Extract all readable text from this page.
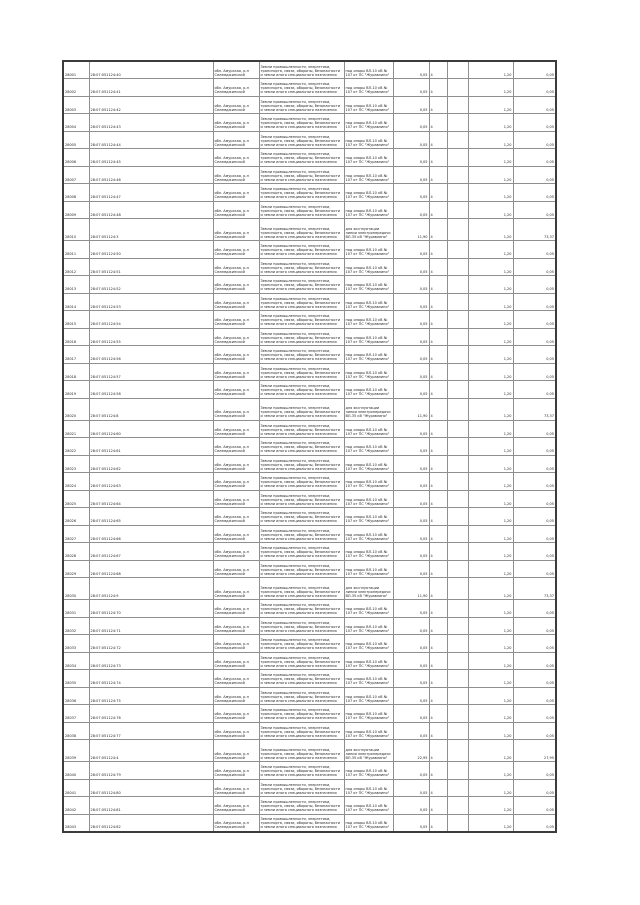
28001	28:07:051124:40	обл. Амурская, р-н Селемджинский	Земли промышленности, энергетики, транспорта, связи, обороны, безопасности и земли иного специального назначения	под опоры ВЛ-10 кВ № 107 от ПС "Журавлино"	0,05	4		1,20	0,05
28002	28:07:051124:41	обл. Амурская, р-н Селемджинский	Земли промышленности, энергетики, транспорта, связи, обороны, безопасности и земли иного специального назначения	под опоры ВЛ-10 кВ № 107 от ПС "Журавлино"	0,05	4		1,20	0,05
28003	28:07:051124:42	обл. Амурская, р-н Селемджинский	Земли промышленности, энергетики, транспорта, связи, обороны, безопасности и земли иного специального назначения	под опоры ВЛ-10 кВ № 107 от ПС "Журавлино"	0,05	4		1,20	0,05
28004	28:07:051124:43	обл. Амурская, р-н Селемджинский	Земли промышленности, энергетики, транспорта, связи, обороны, безопасности и земли иного специального назначения	под опоры ВЛ-10 кВ № 107 от ПС "Журавлино"	0,05	4		1,20	0,05
28005	28:07:051124:44	обл. Амурская, р-н Селемджинский	Земли промышленности, энергетики, транспорта, связи, обороны, безопасности и земли иного специального назначения	под опоры ВЛ-10 кВ № 107 от ПС "Журавлино"	0,05	4		1,20	0,05
28006	28:07:051124:45	обл. Амурская, р-н Селемджинский	Земли промышленности, энергетики, транспорта, связи, обороны, безопасности и земли иного специального назначения	под опоры ВЛ-10 кВ № 107 от ПС "Журавлино"	0,05	4		1,20	0,05
28007	28:07:051124:46	обл. Амурская, р-н Селемджинский	Земли промышленности, энергетики, транспорта, связи, обороны, безопасности и земли иного специального назначения	под опоры ВЛ-10 кВ № 107 от ПС "Журавлино"	0,05	4		1,20	0,05
28008	28:07:051124:47	обл. Амурская, р-н Селемджинский	Земли промышленности, энергетики, транспорта, связи, обороны, безопасности и земли иного специального назначения	под опоры ВЛ-10 кВ № 107 от ПС "Журавлино"	0,05	4		1,20	0,05
28009	28:07:051124:48	обл. Амурская, р-н Селемджинский	Земли промышленности, энергетики, транспорта, связи, обороны, безопасности и земли иного специального назначения	под опоры ВЛ-10 кВ № 107 от ПС "Журавлино"	0,05	4		1,20	0,05
28010	28:07:051124:3	обл. Амурская, р-н Селемджинский	Земли промышленности, энергетики, транспорта, связи, обороны, безопасности и земли иного специального назначения	для эксплуатации линии электропередачи ВЛ-35 кВ "Журавлино"	11,90	4		1,20	73,37
28011	28:07:051124:50	обл. Амурская, р-н Селемджинский	Земли промышленности, энергетики, транспорта, связи, обороны, безопасности и земли иного специального назначения	под опоры ВЛ-10 кВ № 107 от ПС "Журавлино"	0,05	4		1,20	0,05
28012	28:07:051124:51	обл. Амурская, р-н Селемджинский	Земли промышленности, энергетики, транспорта, связи, обороны, безопасности и земли иного специального назначения	под опоры ВЛ-10 кВ № 107 от ПС "Журавлино"	0,05	4		1,20	0,05
28013	28:07:051124:52	обл. Амурская, р-н Селемджинский	Земли промышленности, энергетики, транспорта, связи, обороны, безопасности и земли иного специального назначения	под опоры ВЛ-10 кВ № 107 от ПС "Журавлино"	0,05	4		1,20	0,05
28014	28:07:051124:53	обл. Амурская, р-н Селемджинский	Земли промышленности, энергетики, транспорта, связи, обороны, безопасности и земли иного специального назначения	под опоры ВЛ-10 кВ № 107 от ПС "Журавлино"	0,05	4		1,20	0,05
28015	28:07:051124:54	обл. Амурская, р-н Селемджинский	Земли промышленности, энергетики, транспорта, связи, обороны, безопасности и земли иного специального назначения	под опоры ВЛ-10 кВ № 107 от ПС "Журавлино"	0,05	4		1,20	0,05
28016	28:07:051124:55	обл. Амурская, р-н Селемджинский	Земли промышленности, энергетики, транспорта, связи, обороны, безопасности и земли иного специального назначения	под опоры ВЛ-10 кВ № 107 от ПС "Журавлино"	0,05	4		1,20	0,05
28017	28:07:051124:56	обл. Амурская, р-н Селемджинский	Земли промышленности, энергетики, транспорта, связи, обороны, безопасности и земли иного специального назначения	под опоры ВЛ-10 кВ № 107 от ПС "Журавлино"	0,05	4		1,20	0,05
28018	28:07:051124:57	обл. Амурская, р-н Селемджинский	Земли промышленности, энергетики, транспорта, связи, обороны, безопасности и земли иного специального назначения	под опоры ВЛ-10 кВ № 107 от ПС "Журавлино"	0,05	4		1,20	0,05
28019	28:07:051124:58	обл. Амурская, р-н Селемджинский	Земли промышленности, энергетики, транспорта, связи, обороны, безопасности и земли иного специального назначения	под опоры ВЛ-10 кВ № 107 от ПС "Журавлино"	0,05	4		1,20	0,05
28020	28:07:051124:8	обл. Амурская, р-н Селемджинский	Земли промышленности, энергетики, транспорта, связи, обороны, безопасности и земли иного специального назначения	для эксплуатации линии электропередачи ВЛ-35 кВ "Журавлино"	11,90	4		1,20	73,37
28021	28:07:051124:60	обл. Амурская, р-н Селемджинский	Земли промышленности, энергетики, транспорта, связи, обороны, безопасности и земли иного специального назначения	под опоры ВЛ-10 кВ № 107 от ПС "Журавлино"	0,05	4		1,20	0,05
28022	28:07:051124:61	обл. Амурская, р-н Селемджинский	Земли промышленности, энергетики, транспорта, связи, обороны, безопасности и земли иного специального назначения	под опоры ВЛ-10 кВ № 107 от ПС "Журавлино"	0,05	4		1,20	0,05
28023	28:07:051124:62	обл. Амурская, р-н Селемджинский	Земли промышленности, энергетики, транспорта, связи, обороны, безопасности и земли иного специального назначения	под опоры ВЛ-10 кВ № 107 от ПС "Журавлино"	0,05	4		1,20	0,05
28024	28:07:051124:63	обл. Амурская, р-н Селемджинский	Земли промышленности, энергетики, транспорта, связи, обороны, безопасности и земли иного специального назначения	под опоры ВЛ-10 кВ № 107 от ПС "Журавлино"	0,05	4		1,20	0,05
28025	28:07:051124:64	обл. Амурская, р-н Селемджинский	Земли промышленности, энергетики, транспорта, связи, обороны, безопасности и земли иного специального назначения	под опоры ВЛ-10 кВ № 107 от ПС "Журавлино"	0,05	4		1,20	0,05
28026	28:07:051124:65	обл. Амурская, р-н Селемджинский	Земли промышленности, энергетики, транспорта, связи, обороны, безопасности и земли иного специального назначения	под опоры ВЛ-10 кВ № 107 от ПС "Журавлино"	0,05	4		1,20	0,05
28027	28:07:051124:66	обл. Амурская, р-н Селемджинский	Земли промышленности, энергетики, транспорта, связи, обороны, безопасности и земли иного специального назначения	под опоры ВЛ-10 кВ № 107 от ПС "Журавлино"	0,05	4		1,20	0,05
28028	28:07:051124:67	обл. Амурская, р-н Селемджинский	Земли промышленности, энергетики, транспорта, связи, обороны, безопасности и земли иного специального назначения	под опоры ВЛ-10 кВ № 107 от ПС "Журавлино"	0,05	4		1,20	0,05
28029	28:07:051124:68	обл. Амурская, р-н Селемджинский	Земли промышленности, энергетики, транспорта, связи, обороны, безопасности и земли иного специального назначения	под опоры ВЛ-10 кВ № 107 от ПС "Журавлино"	0,05	4		1,20	0,05
28030	28:07:051124:9	обл. Амурская, р-н Селемджинский	Земли промышленности, энергетики, транспорта, связи, обороны, безопасности и земли иного специального назначения	для эксплуатации линии электропередачи ВЛ-35 кВ "Журавлино"	11,90	4		1,20	73,37
28031	28:07:051124:70	обл. Амурская, р-н Селемджинский	Земли промышленности, энергетики, транспорта, связи, обороны, безопасности и земли иного специального назначения	под опоры ВЛ-10 кВ № 107 от ПС "Журавлино"	0,05	4		1,20	0,05
28032	28:07:051124:71	обл. Амурская, р-н Селемджинский	Земли промышленности, энергетики, транспорта, связи, обороны, безопасности и земли иного специального назначения	под опоры ВЛ-10 кВ № 107 от ПС "Журавлино"	0,05	4		1,20	0,05
28033	28:07:051124:72	обл. Амурская, р-н Селемджинский	Земли промышленности, энергетики, транспорта, связи, обороны, безопасности и земли иного специального назначения	под опоры ВЛ-10 кВ № 107 от ПС "Журавлино"	0,05	4		1,20	0,05
28034	28:07:051124:73	обл. Амурская, р-н Селемджинский	Земли промышленности, энергетики, транспорта, связи, обороны, безопасности и земли иного специального назначения	под опоры ВЛ-10 кВ № 107 от ПС "Журавлино"	0,05	4		1,20	0,05
28035	28:07:051124:74	обл. Амурская, р-н Селемджинский	Земли промышленности, энергетики, транспорта, связи, обороны, безопасности и земли иного специального назначения	под опоры ВЛ-10 кВ № 107 от ПС "Журавлино"	0,05	4		1,20	0,05
28036	28:07:051124:75	обл. Амурская, р-н Селемджинский	Земли промышленности, энергетики, транспорта, связи, обороны, безопасности и земли иного специального назначения	под опоры ВЛ-10 кВ № 107 от ПС "Журавлино"	0,05	4		1,20	0,05
28037	28:07:051124:76	обл. Амурская, р-н Селемджинский	Земли промышленности, энергетики, транспорта, связи, обороны, безопасности и земли иного специального назначения	под опоры ВЛ-10 кВ № 107 от ПС "Журавлино"	0,05	4		1,20	0,05
28038	28:07:051124:77	обл. Амурская, р-н Селемджинский	Земли промышленности, энергетики, транспорта, связи, обороны, безопасности и земли иного специального назначения	под опоры ВЛ-10 кВ № 107 от ПС "Журавлино"	0,05	4		1,20	0,05
28039	28:07:051124:4	обл. Амурская, р-н Селемджинский	Земли промышленности, энергетики, транспорта, связи, обороны, безопасности и земли иного специального назначения	для эксплуатации линии электропередачи ВЛ-35 кВ "Журавлино"	22,95	4		1,20	27,95
28040	28:07:051124:79	обл. Амурская, р-н Селемджинский	Земли промышленности, энергетики, транспорта, связи, обороны, безопасности и земли иного специального назначения	под опоры ВЛ-10 кВ № 107 от ПС "Журавлино"	0,05	4		1,20	0,05
28041	28:07:051124:80	обл. Амурская, р-н Селемджинский	Земли промышленности, энергетики, транспорта, связи, обороны, безопасности и земли иного специального назначения	под опоры ВЛ-10 кВ № 107 от ПС "Журавлино"	0,05	4		1,20	0,05
28042	28:07:051124:81	обл. Амурская, р-н Селемджинский	Земли промышленности, энергетики, транспорта, связи, обороны, безопасности и земли иного специального назначения	под опоры ВЛ-10 кВ № 107 от ПС "Журавлино"	0,05	4		1,20	0,05
28043	28:07:051124:82	обл. Амурская, р-н Селемджинский	Земли промышленности, энергетики, транспорта, связи, обороны, безопасности и земли иного специального назначения	под опоры ВЛ-10 кВ № 107 от ПС "Журавлино"	0,05	4		1,20	0,05
